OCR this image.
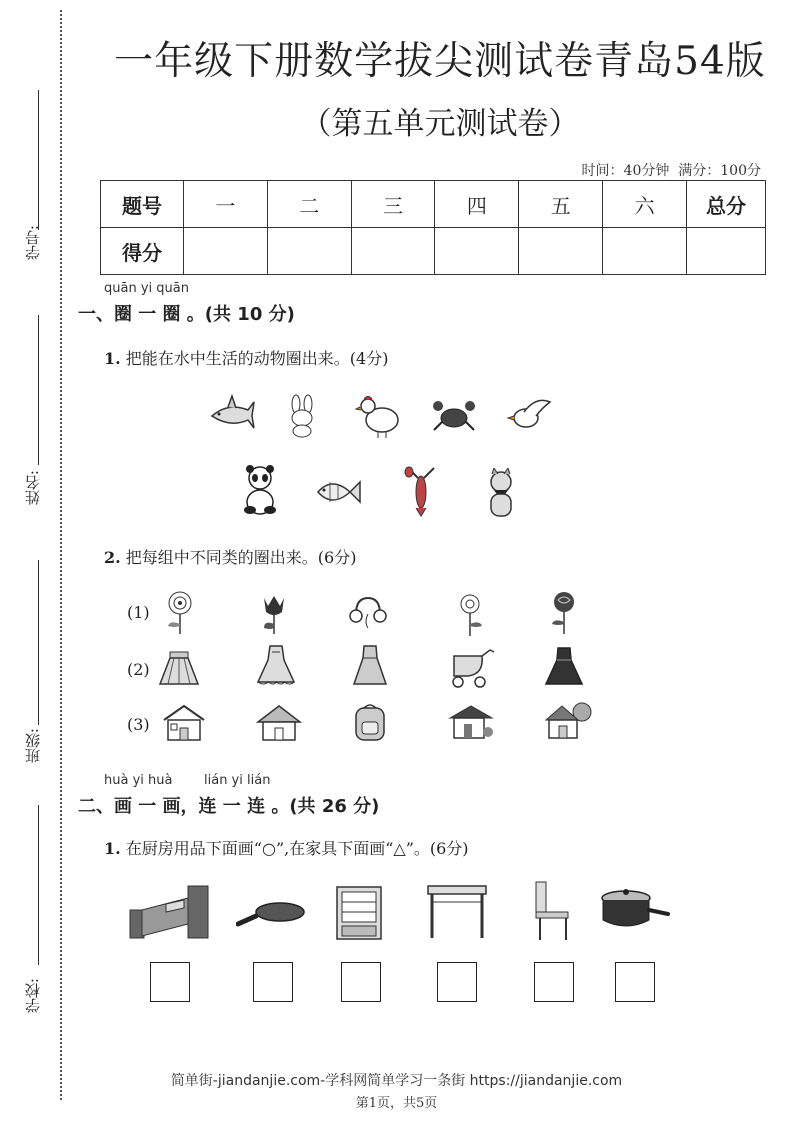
学号:
姓名:
班级:
学校:
一年级下册数学拔尖测试卷青岛54版
（第五单元测试卷）
时间：40分钟 满分：100分
题号	一	二	三	四	五	六	总分
得分							
quān yi quān
一、圈 一 圈 。(共 10 分)
1. 把能在水中生活的动物圈出来。(4分)
2. 把每组中不同类的圈出来。(6分)
(1)
(2)
(3)
huà yi huà lián yi lián
二、画 一 画，连 一 连 。(共 26 分)
1. 在厨房用品下面画“○”,在家具下面画“△”。(6分)
简单街-jiandanjie.com-学科网简单学习一条街 https://jiandanjie.com
第1页，共5页
